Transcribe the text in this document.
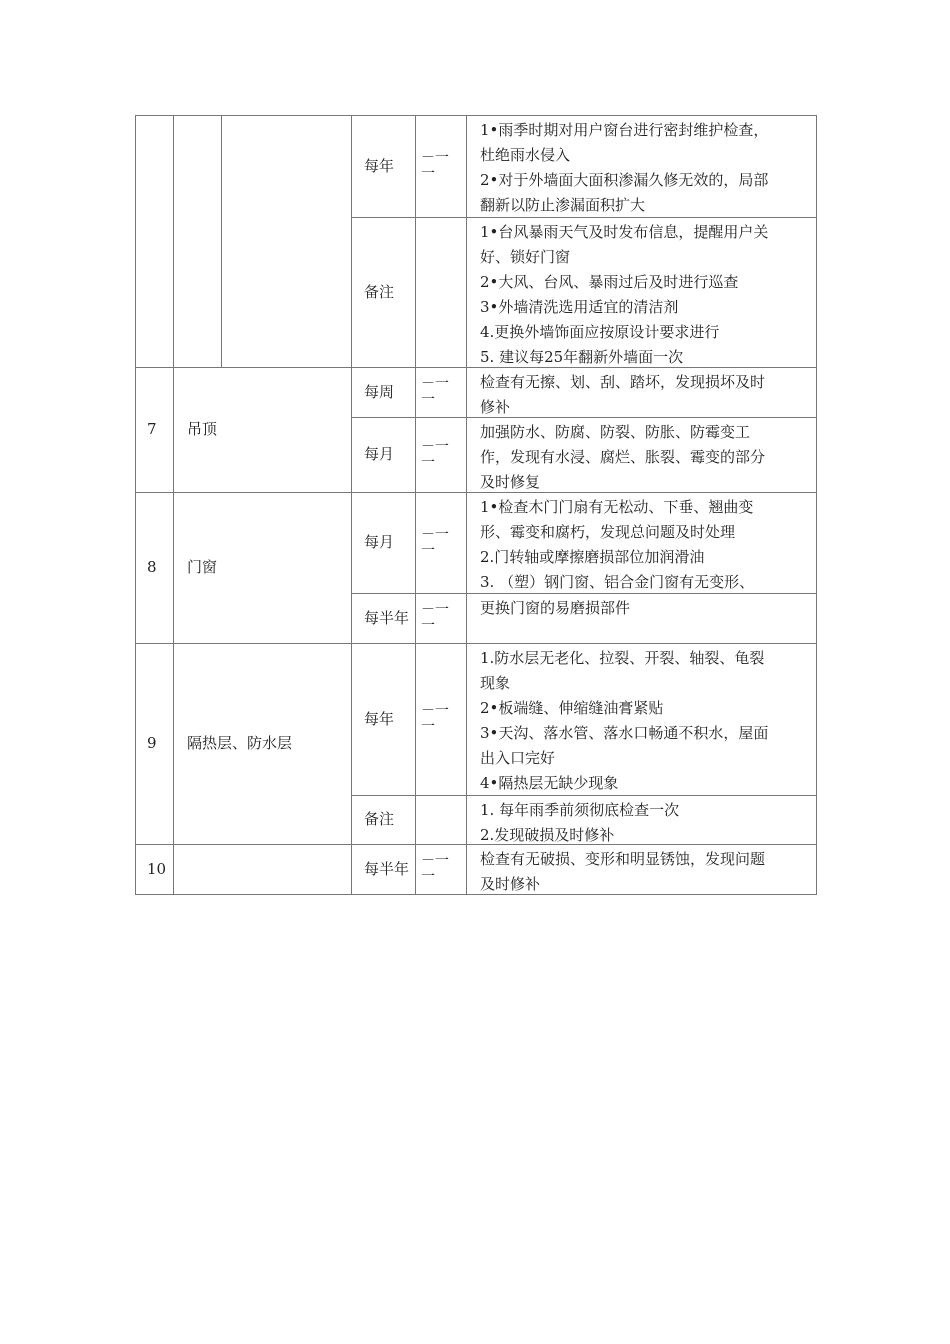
每年 －一一
1•雨季时期对用户窗台进行密封维护检查，
杜绝雨水侵入
2•对于外墙面大面积渗漏久修无效的，局部
翻新以防止渗漏面积扩大
备注
1•台风暴雨天气及时发布信息，提醒用户关
好、锁好门窗
2•大风、台风、暴雨过后及时进行巡查
3•外墙清洗选用适宜的清洁剂
4.更换外墙饰面应按原设计要求进行
5. 建议每25年翻新外墙面一次
7 吊顶
每周 －一一
检查有无擦、划、刮、踏坏，发现损坏及时
修补
每月 －一一
加强防水、防腐、防裂、防胀、防霉变工
作，发现有水浸、腐烂、胀裂、霉变的部分
及时修复
8 门窗
每月 －一一
1•检查木门门扇有无松动、下垂、翘曲变
形、霉变和腐朽，发现总问题及时处理
2.门转轴或摩擦磨损部位加润滑油
3. （塑）钢门窗、铝合金门窗有无变形、
每半年 －一一
更换门窗的易磨损部件
9 隔热层、防水层
每年 －一一
1.防水层无老化、拉裂、开裂、轴裂、龟裂
现象
2•板端缝、伸缩缝油膏紧贴
3•天沟、落水管、落水口畅通不积水，屋面
出入口完好
4•隔热层无缺少现象
备注	1. 每年雨季前须彻底检查一次
2.发现破损及时修补
10	每半年 －一一
检查有无破损、变形和明显锈蚀，发现问题
及时修补
